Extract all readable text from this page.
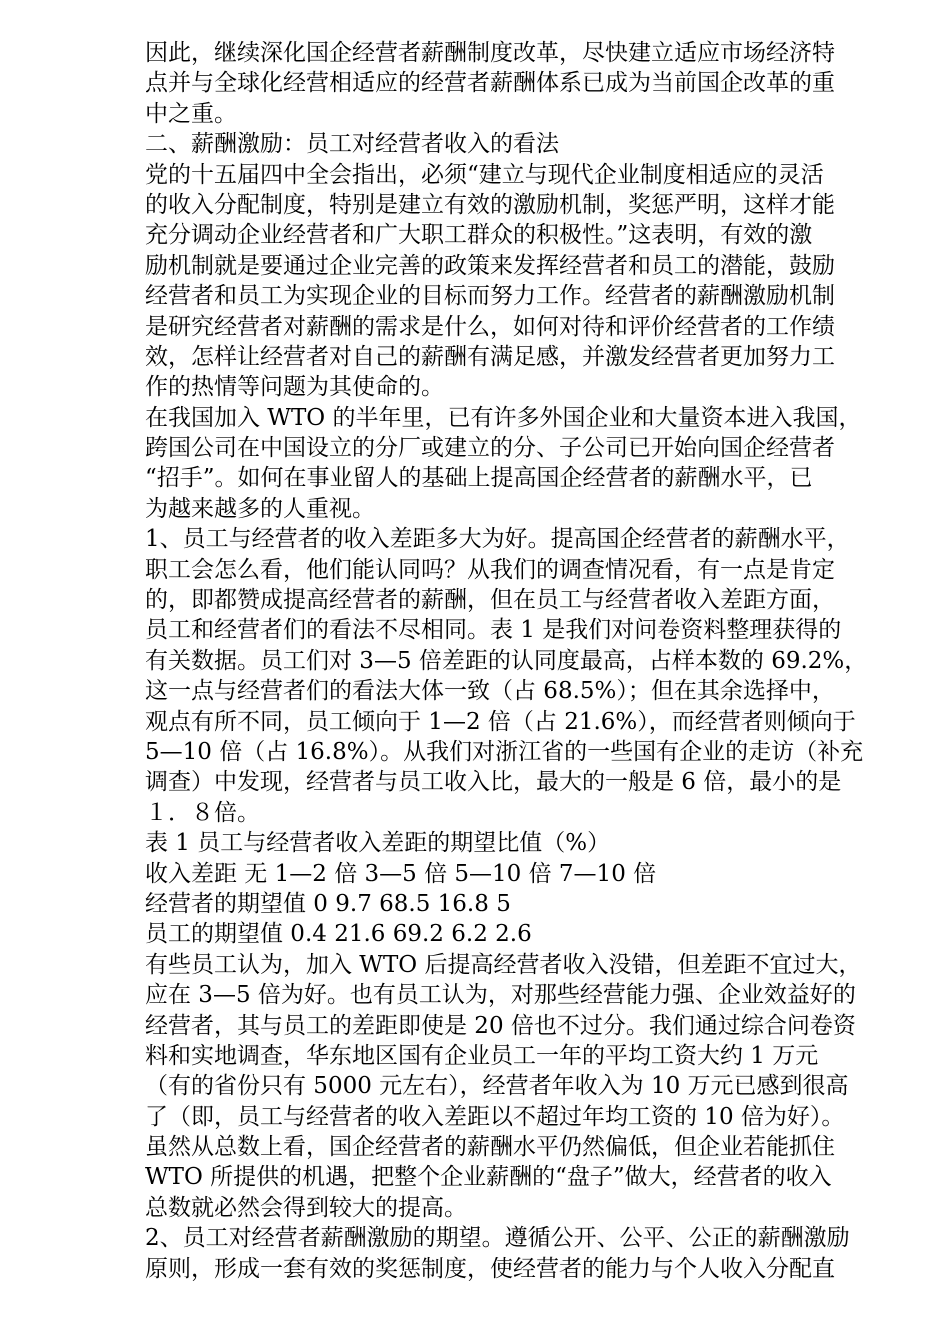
因此，继续深化国企经营者薪酬制度改革，尽快建立适应市场经济特
点并与全球化经营相适应的经营者薪酬体系已成为当前国企改革的重
中之重。
二、薪酬激励：员工对经营者收入的看法
党的十五届四中全会指出，必须“建立与现代企业制度相适应的灵活
的收入分配制度，特别是建立有效的激励机制，奖惩严明，这样才能
充分调动企业经营者和广大职工群众的积极性。”这表明，有效的激
励机制就是要通过企业完善的政策来发挥经营者和员工的潜能，鼓励
经营者和员工为实现企业的目标而努力工作。经营者的薪酬激励机制
是研究经营者对薪酬的需求是什么，如何对待和评价经营者的工作绩
效，怎样让经营者对自己的薪酬有满足感，并激发经营者更加努力工
作的热情等问题为其使命的。
在我国加入 WTO 的半年里，已有许多外国企业和大量资本进入我国，
跨国公司在中国设立的分厂或建立的分、子公司已开始向国企经营者
“招手”。如何在事业留人的基础上提高国企经营者的薪酬水平，已
为越来越多的人重视。
1、员工与经营者的收入差距多大为好。提高国企经营者的薪酬水平，
职工会怎么看，他们能认同吗？从我们的调查情况看，有一点是肯定
的，即都赞成提高经营者的薪酬，但在员工与经营者收入差距方面，
员工和经营者们的看法不尽相同。表 1 是我们对问卷资料整理获得的
有关数据。员工们对 3—5 倍差距的认同度最高，占样本数的 69.2%，
这一点与经营者们的看法大体一致（占 68.5%）；但在其余选择中，
观点有所不同，员工倾向于 1—2 倍（占 21.6%），而经营者则倾向于
5—10 倍（占 16.8%）。从我们对浙江省的一些国有企业的走访（补充
调查）中发现，经营者与员工收入比，最大的一般是 6 倍，最小的是
１．８倍。
表 1 员工与经营者收入差距的期望比值（%）
收入差距 无 1—2 倍 3—5 倍 5—10 倍 7—10 倍
经营者的期望值 0 9.7 68.5 16.8 5
员工的期望值 0.4 21.6 69.2 6.2 2.6
有些员工认为，加入 WTO 后提高经营者收入没错，但差距不宜过大，
应在 3—5 倍为好。也有员工认为，对那些经营能力强、企业效益好的
经营者，其与员工的差距即使是 20 倍也不过分。我们通过综合问卷资
料和实地调查，华东地区国有企业员工一年的平均工资大约 1 万元
（有的省份只有 5000 元左右），经营者年收入为 10 万元已感到很高
了（即，员工与经营者的收入差距以不超过年均工资的 10 倍为好）。
虽然从总数上看，国企经营者的薪酬水平仍然偏低，但企业若能抓住
WTO 所提供的机遇，把整个企业薪酬的“盘子”做大，经营者的收入
总数就必然会得到较大的提高。
2、员工对经营者薪酬激励的期望。遵循公开、公平、公正的薪酬激励
原则，形成一套有效的奖惩制度，使经营者的能力与个人收入分配直
